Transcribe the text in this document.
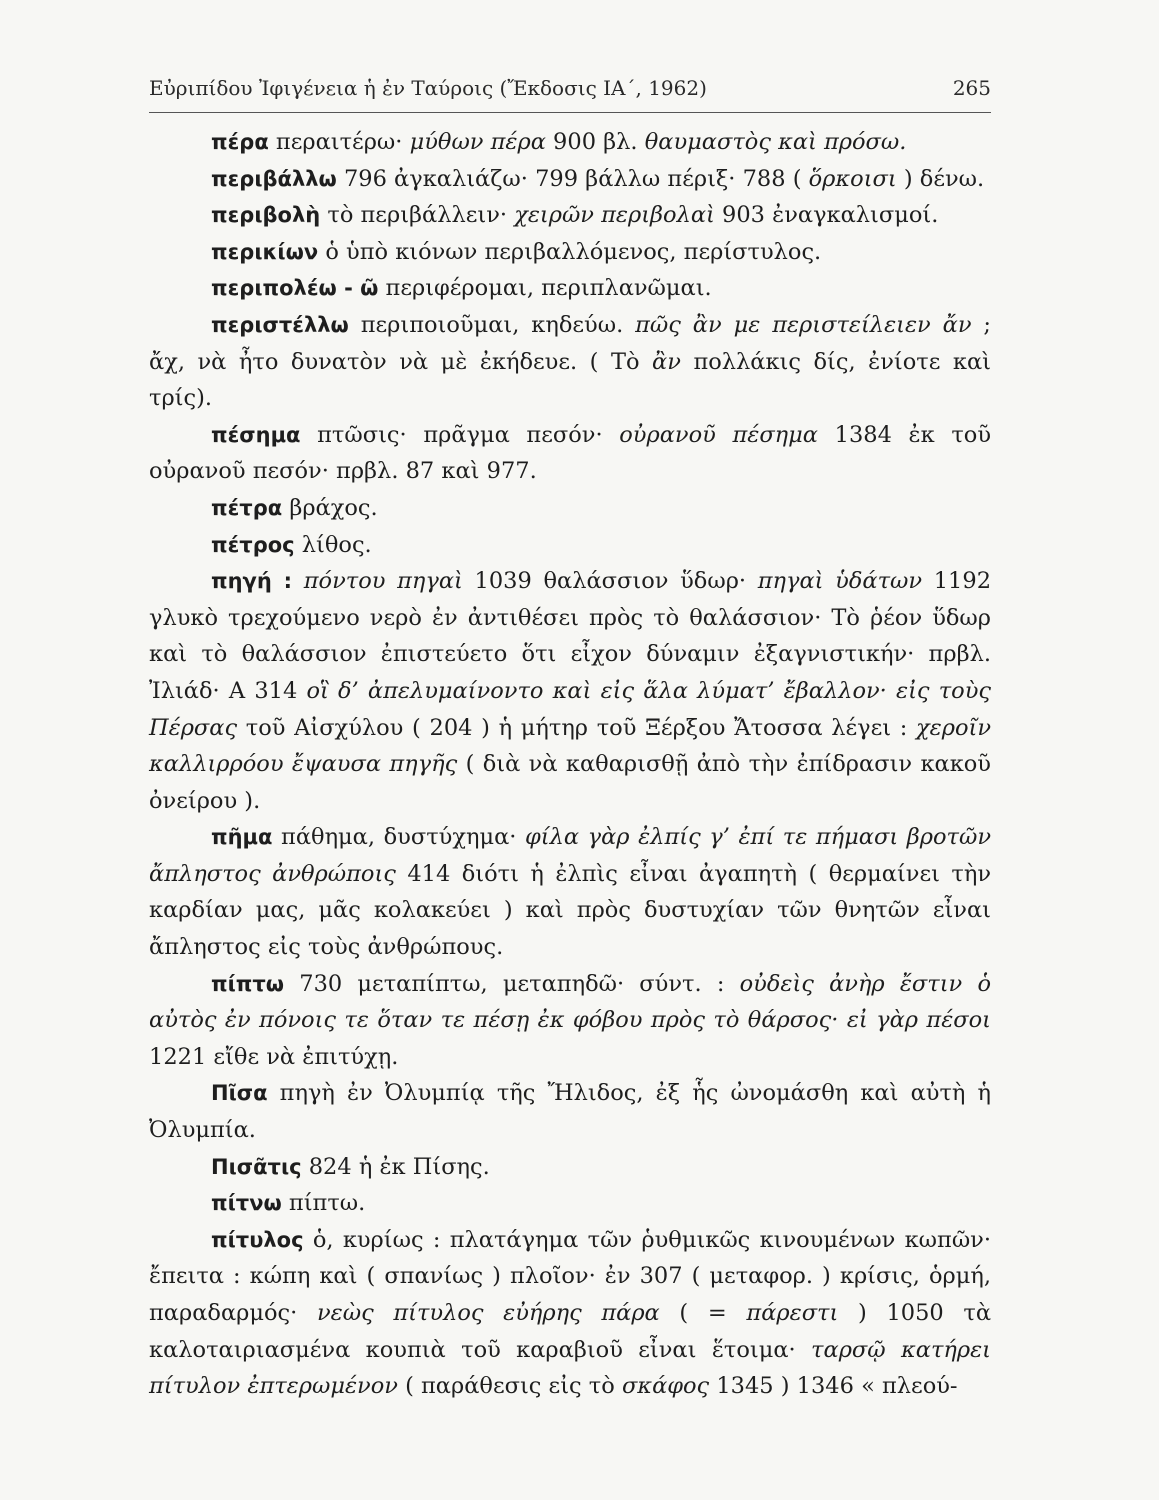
Εὐριπίδου Ἰφιγένεια ἡ ἐν Ταύροις (Ἔκδοσις ΙΑ΄, 1962)	265

πέρα περαιτέρω· μύθων πέρα 900 βλ. θαυμαστὸς καὶ πρόσω.

περιβάλλω 796 ἀγκαλιάζω· 799 βάλλω πέριξ· 788 ( ὅρκοισι ) δένω.

περιβολὴ τὸ περιβάλλειν· χειρῶν περιβολαὶ 903 ἐναγκαλισμοί.

περικίων ὁ ὑπὸ κιόνων περιβαλλόμενος, περίστυλος.

περιπολέω - ῶ περιφέρομαι, περιπλανῶμαι.

περιστέλλω περιποιοῦμαι, κηδεύω. πῶς ἂν με περιστείλειεν ἄν ; ἄχ, νὰ ἦτο δυνατὸν νὰ μὲ ἐκήδευε. ( Τὸ ἂν πολλάκις δίς, ἐνίοτε καὶ τρίς).

πέσημα πτῶσις· πρᾶγμα πεσόν· οὐρανοῦ πέσημα 1384 ἐκ τοῦ οὐρανοῦ πεσόν· πρβλ. 87 καὶ 977.

πέτρα βράχος.

πέτρος λίθος.

πηγή : πόντου πηγαὶ 1039 θαλάσσιον ὕδωρ· πηγαὶ ὑδάτων 1192 γλυκὸ τρεχούμενο νερὸ ἐν ἀντιθέσει πρὸς τὸ θαλάσσιον· Τὸ ῥέον ὕδωρ καὶ τὸ θαλάσσιον ἐπιστεύετο ὅτι εἶχον δύναμιν ἐξαγνιστικήν· πρβλ. Ἰλιάδ· Α 314 οἳ δ’ ἀπελυμαίνοντο καὶ εἰς ἅλα λύματ’ ἔβαλλον· εἰς τοὺς Πέρσας τοῦ Αἰσχύλου ( 204 ) ἡ μήτηρ τοῦ Ξέρξου Ἄτοσσα λέγει : χεροῖν καλλιρρόου ἔψαυσα πηγῆς ( διὰ νὰ καθαρισθῇ ἀπὸ τὴν ἐπίδρασιν κακοῦ ὀνείρου ).

πῆμα πάθημα, δυστύχημα· φίλα γὰρ ἐλπίς γ’ ἐπί τε πήμασι βροτῶν ἄπληστος ἀνθρώποις 414 διότι ἡ ἐλπὶς εἶναι ἀγαπητὴ ( θερμαίνει τὴν καρδίαν μας, μᾶς κολακεύει ) καὶ πρὸς δυστυχίαν τῶν θνητῶν εἶναι ἄπληστος εἰς τοὺς ἀνθρώπους.

πίπτω 730 μεταπίπτω, μεταπηδῶ· σύντ. : οὐδεὶς ἀνὴρ ἔστιν ὁ αὐτὸς ἐν πόνοις τε ὅταν τε πέσῃ ἐκ φόβου πρὸς τὸ θάρσος· εἰ γὰρ πέσοι 1221 εἴθε νὰ ἐπιτύχῃ.

Πῖσα πηγὴ ἐν Ὀλυμπίᾳ τῆς Ἤλιδος, ἐξ ἧς ὠνομάσθη καὶ αὐτὴ ἡ Ὀλυμπία.

Πισᾶτις 824 ἡ ἐκ Πίσης.

πίτνω πίπτω.

πίτυλος ὁ, κυρίως : πλατάγημα τῶν ῥυθμικῶς κινουμένων κωπῶν· ἔπειτα : κώπη καὶ ( σπανίως ) πλοῖον· ἐν 307 ( μεταφορ. ) κρίσις, ὁρμή, παραδαρμός· νεὼς πίτυλος εὐήρης πάρα ( = πάρεστι ) 1050 τὰ καλοταιριασμένα κουπιὰ τοῦ καραβιοῦ εἶναι ἕτοιμα· ταρσῷ κατήρει πίτυλον ἐπτερωμένον ( παράθεσις εἰς τὸ σκάφος 1345 ) 1346 « πλεού-
